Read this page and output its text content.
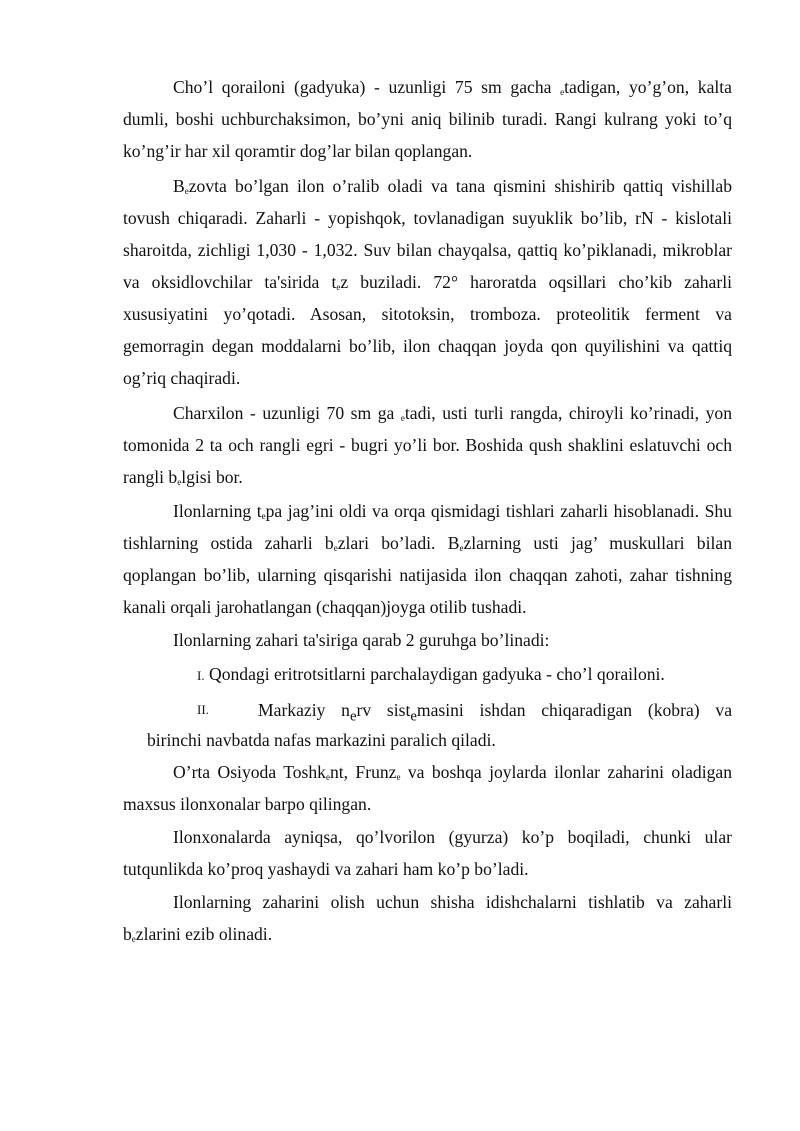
Cho’l qorailoni (gadyuka) - uzunligi 75 sm gacha $_e$tadigan, yo’g’on, kalta dumli, boshi uchburchaksimon, bo’yni aniq bilinib turadi. Rangi kulrang yoki to’q ko’ng’ir har xil qoramtir dog’lar bilan qoplangan.

$B_ezovta$ bo’lgan ilon o’ralib oladi va tana qismini shishirib qattiq vishillab tovush chiqaradi. Zaharli - yopishqok, tovlanadigan suyuklik bo’lib, rN - kislotali sharoitda, zichligi 1,030 - 1,032. Suv bilan chayqalsa, qattiq ko’piklanadi, mikroblar va oksidlovchilar ta'sirida $t_ez$ buziladi. 72° haroratda oqsillari cho’kib zaharli xususiyatini yo’qotadi. Asosan, sitotoksin, tromboza. proteolitik ferment va gemorragin degan moddalarni bo’lib, ilon chaqqan joyda qon quyilishini va qattiq og’riq chaqiradi.

Charxilon - uzunligi 70 sm ga $_e$tadi, usti turli rangda, chiroyli ko’rinadi, yon tomonida 2 ta och rangli egri - bugri yo’li bor. Boshida qush shaklini eslatuvchi och rangli $b_elgisi$ bor.

Ilonlarning $t_epa$ jag’ini oldi va orqa qismidagi tishlari zaharli hisoblanadi. Shu tishlarning ostida zaharli $b_ezlari$ bo’ladi. $B_ezlarning$ usti jag’ muskullari bilan qoplangan bo’lib, ularning qisqarishi natijasida ilon chaqqan zahoti, zahar tishning kanali orqali jarohatlangan (chaqqan)joyga otilib tushadi.

Ilonlarning zahari ta'siriga qarab 2 guruhga bo’linadi:

I. Qondagi eritrotsitlarni parchalaydigan gadyuka - cho’l qorailoni.

II.	Markaziy $n_erv$ sist$_e$masini ishdan chiqaradigan (kobra) va
birinchi navbatda nafas markazini paralich qiladi.

O’rta Osiyoda Toshk$_e$nt, Frunz$_e$ va boshqa joylarda ilonlar zaharini oladigan maxsus ilonxonalar barpo qilingan.

Ilonxonalarda ayniqsa, qo’lvorilon (gyurza) ko’p boqiladi, chunki ular tutqunlikda ko’proq yashaydi va zahari ham ko’p bo’ladi.

Ilonlarning zaharini olish uchun shisha idishchalarni tishlatib va zaharli $b_ezlarini$ ezib olinadi.
